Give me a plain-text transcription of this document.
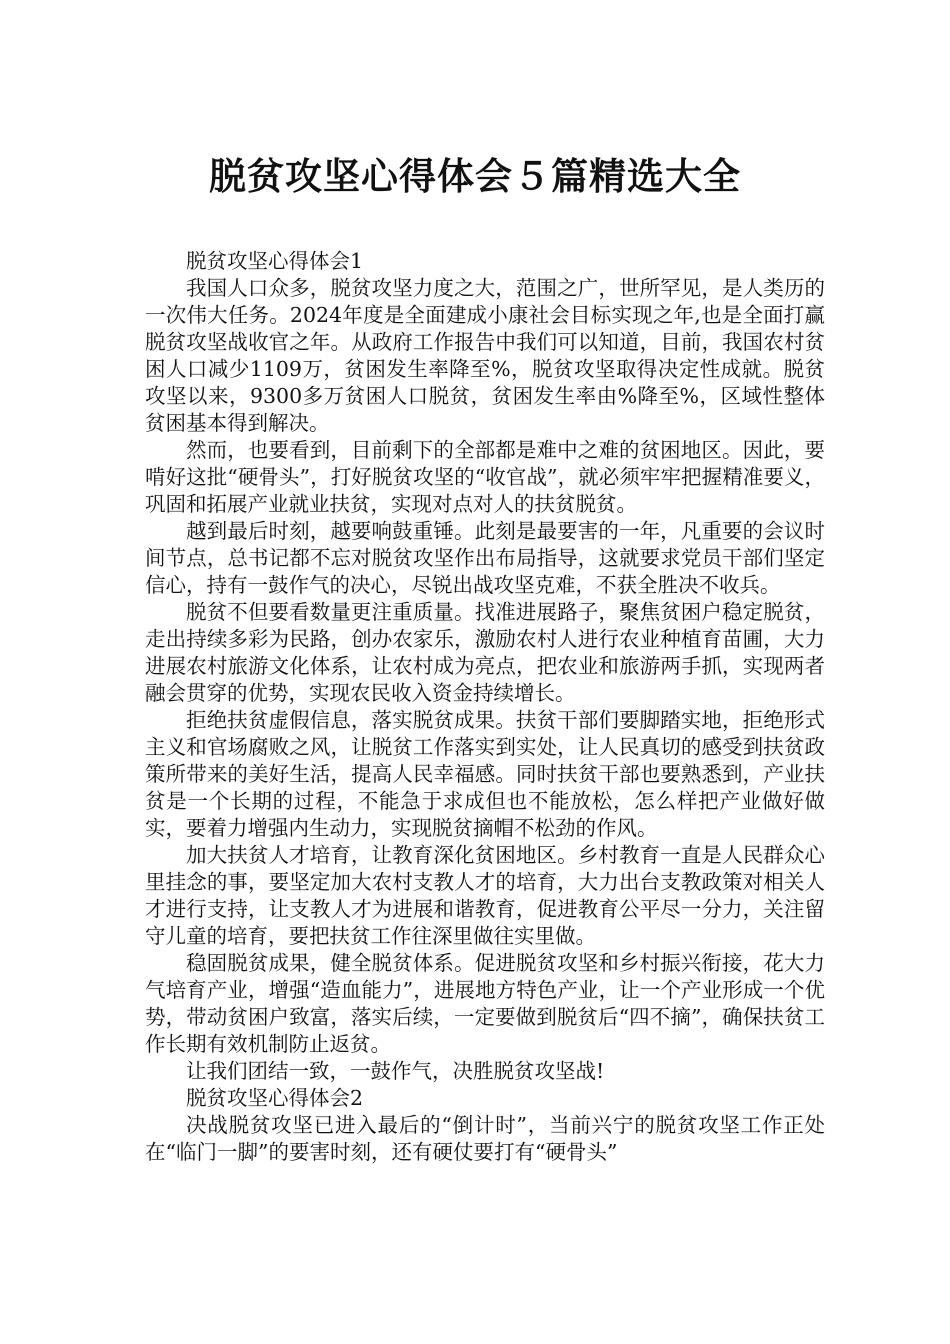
脱贫攻坚心得体会５篇精选大全

脱贫攻坚心得体会1

我国人口众多，脱贫攻坚力度之大，范围之广，世所罕见，是人类历的一次伟大任务。2024年度是全面建成小康社会目标实现之年,也是全面打赢脱贫攻坚战收官之年。从政府工作报告中我们可以知道，目前，我国农村贫困人口减少1109万，贫困发生率降至%，脱贫攻坚取得决定性成就。脱贫攻坚以来，9300多万贫困人口脱贫，贫困发生率由%降至%，区域性整体贫困基本得到解决。

然而，也要看到，目前剩下的全部都是难中之难的贫困地区。因此，要啃好这批“硬骨头”，打好脱贫攻坚的“收官战”，就必须牢牢把握精准要义，巩固和拓展产业就业扶贫，实现对点对人的扶贫脱贫。

越到最后时刻，越要响鼓重锤。此刻是最要害的一年，凡重要的会议时间节点，总书记都不忘对脱贫攻坚作出布局指导，这就要求党员干部们坚定信心，持有一鼓作气的决心，尽锐出战攻坚克难，不获全胜决不收兵。

脱贫不但要看数量更注重质量。找准进展路子，聚焦贫困户稳定脱贫，走出持续多彩为民路，创办农家乐，激励农村人进行农业种植育苗圃，大力进展农村旅游文化体系，让农村成为亮点，把农业和旅游两手抓，实现两者融会贯穿的优势，实现农民收入资金持续增长。

拒绝扶贫虚假信息，落实脱贫成果。扶贫干部们要脚踏实地，拒绝形式主义和官场腐败之风，让脱贫工作落实到实处，让人民真切的感受到扶贫政策所带来的美好生活，提高人民幸福感。同时扶贫干部也要熟悉到，产业扶贫是一个长期的过程，不能急于求成但也不能放松，怎么样把产业做好做实，要着力增强内生动力，实现脱贫摘帽不松劲的作风。

加大扶贫人才培育，让教育深化贫困地区。乡村教育一直是人民群众心里挂念的事，要坚定加大农村支教人才的培育，大力出台支教政策对相关人才进行支持，让支教人才为进展和谐教育，促进教育公平尽一分力，关注留守儿童的培育，要把扶贫工作往深里做往实里做。

稳固脱贫成果，健全脱贫体系。促进脱贫攻坚和乡村振兴衔接，花大力气培育产业，增强“造血能力”，进展地方特色产业，让一个产业形成一个优势，带动贫困户致富，落实后续，一定要做到脱贫后“四不摘”，确保扶贫工作长期有效机制防止返贫。

让我们团结一致，一鼓作气，决胜脱贫攻坚战!

脱贫攻坚心得体会2

决战脱贫攻坚已进入最后的“倒计时”，当前兴宁的脱贫攻坚工作正处在“临门一脚”的要害时刻，还有硬仗要打有“硬骨头”
